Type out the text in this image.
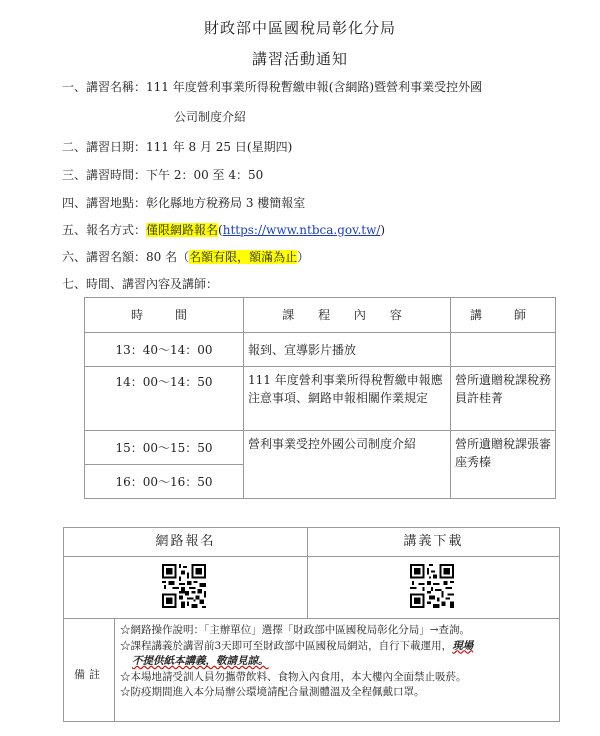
財政部中區國稅局彰化分局
講習活動通知
一、講習名稱：111 年度營利事業所得稅暫繳申報(含網路)暨營利事業受控外國
公司制度介紹
二、講習日期：111 年 8 月 25 日(星期四)
三、講習時間：下午 2：00 至 4：50
四、講習地點：彰化縣地方稅務局 3 樓簡報室
五、報名方式：僅限網路報名(https://www.ntbca.gov.tw/)
六、講習名額：80 名（名額有限，額滿為止）
七、時間、講習內容及講師：
時　間	課 程 內 容	講　師
13：40～14：00	報到、宣導影片播放	
14：00～14：50	111 年度營利事業所得稅暫繳申報應注意事項、網路申報相關作業規定	營所遺贈稅課稅務員許桂菁
15：00～15：50	營利事業受控外國公司制度介紹	營所遺贈稅課張審座秀榛
16：00～16：50		
網路報名	講義下載
備註
☆網路操作說明：「主辦單位」選擇「財政部中區國稅局彰化分局」→查詢。
☆課程講義於講習前3天即可至財政部中區國稅局網站，自行下載運用，現場
不提供紙本講義，敬請見諒。
☆本場地請受訓人員勿攜帶飲料、食物入內食用，本大樓內全面禁止吸菸。
☆防疫期間進入本分局辦公環境請配合量測體溫及全程佩戴口罩。
